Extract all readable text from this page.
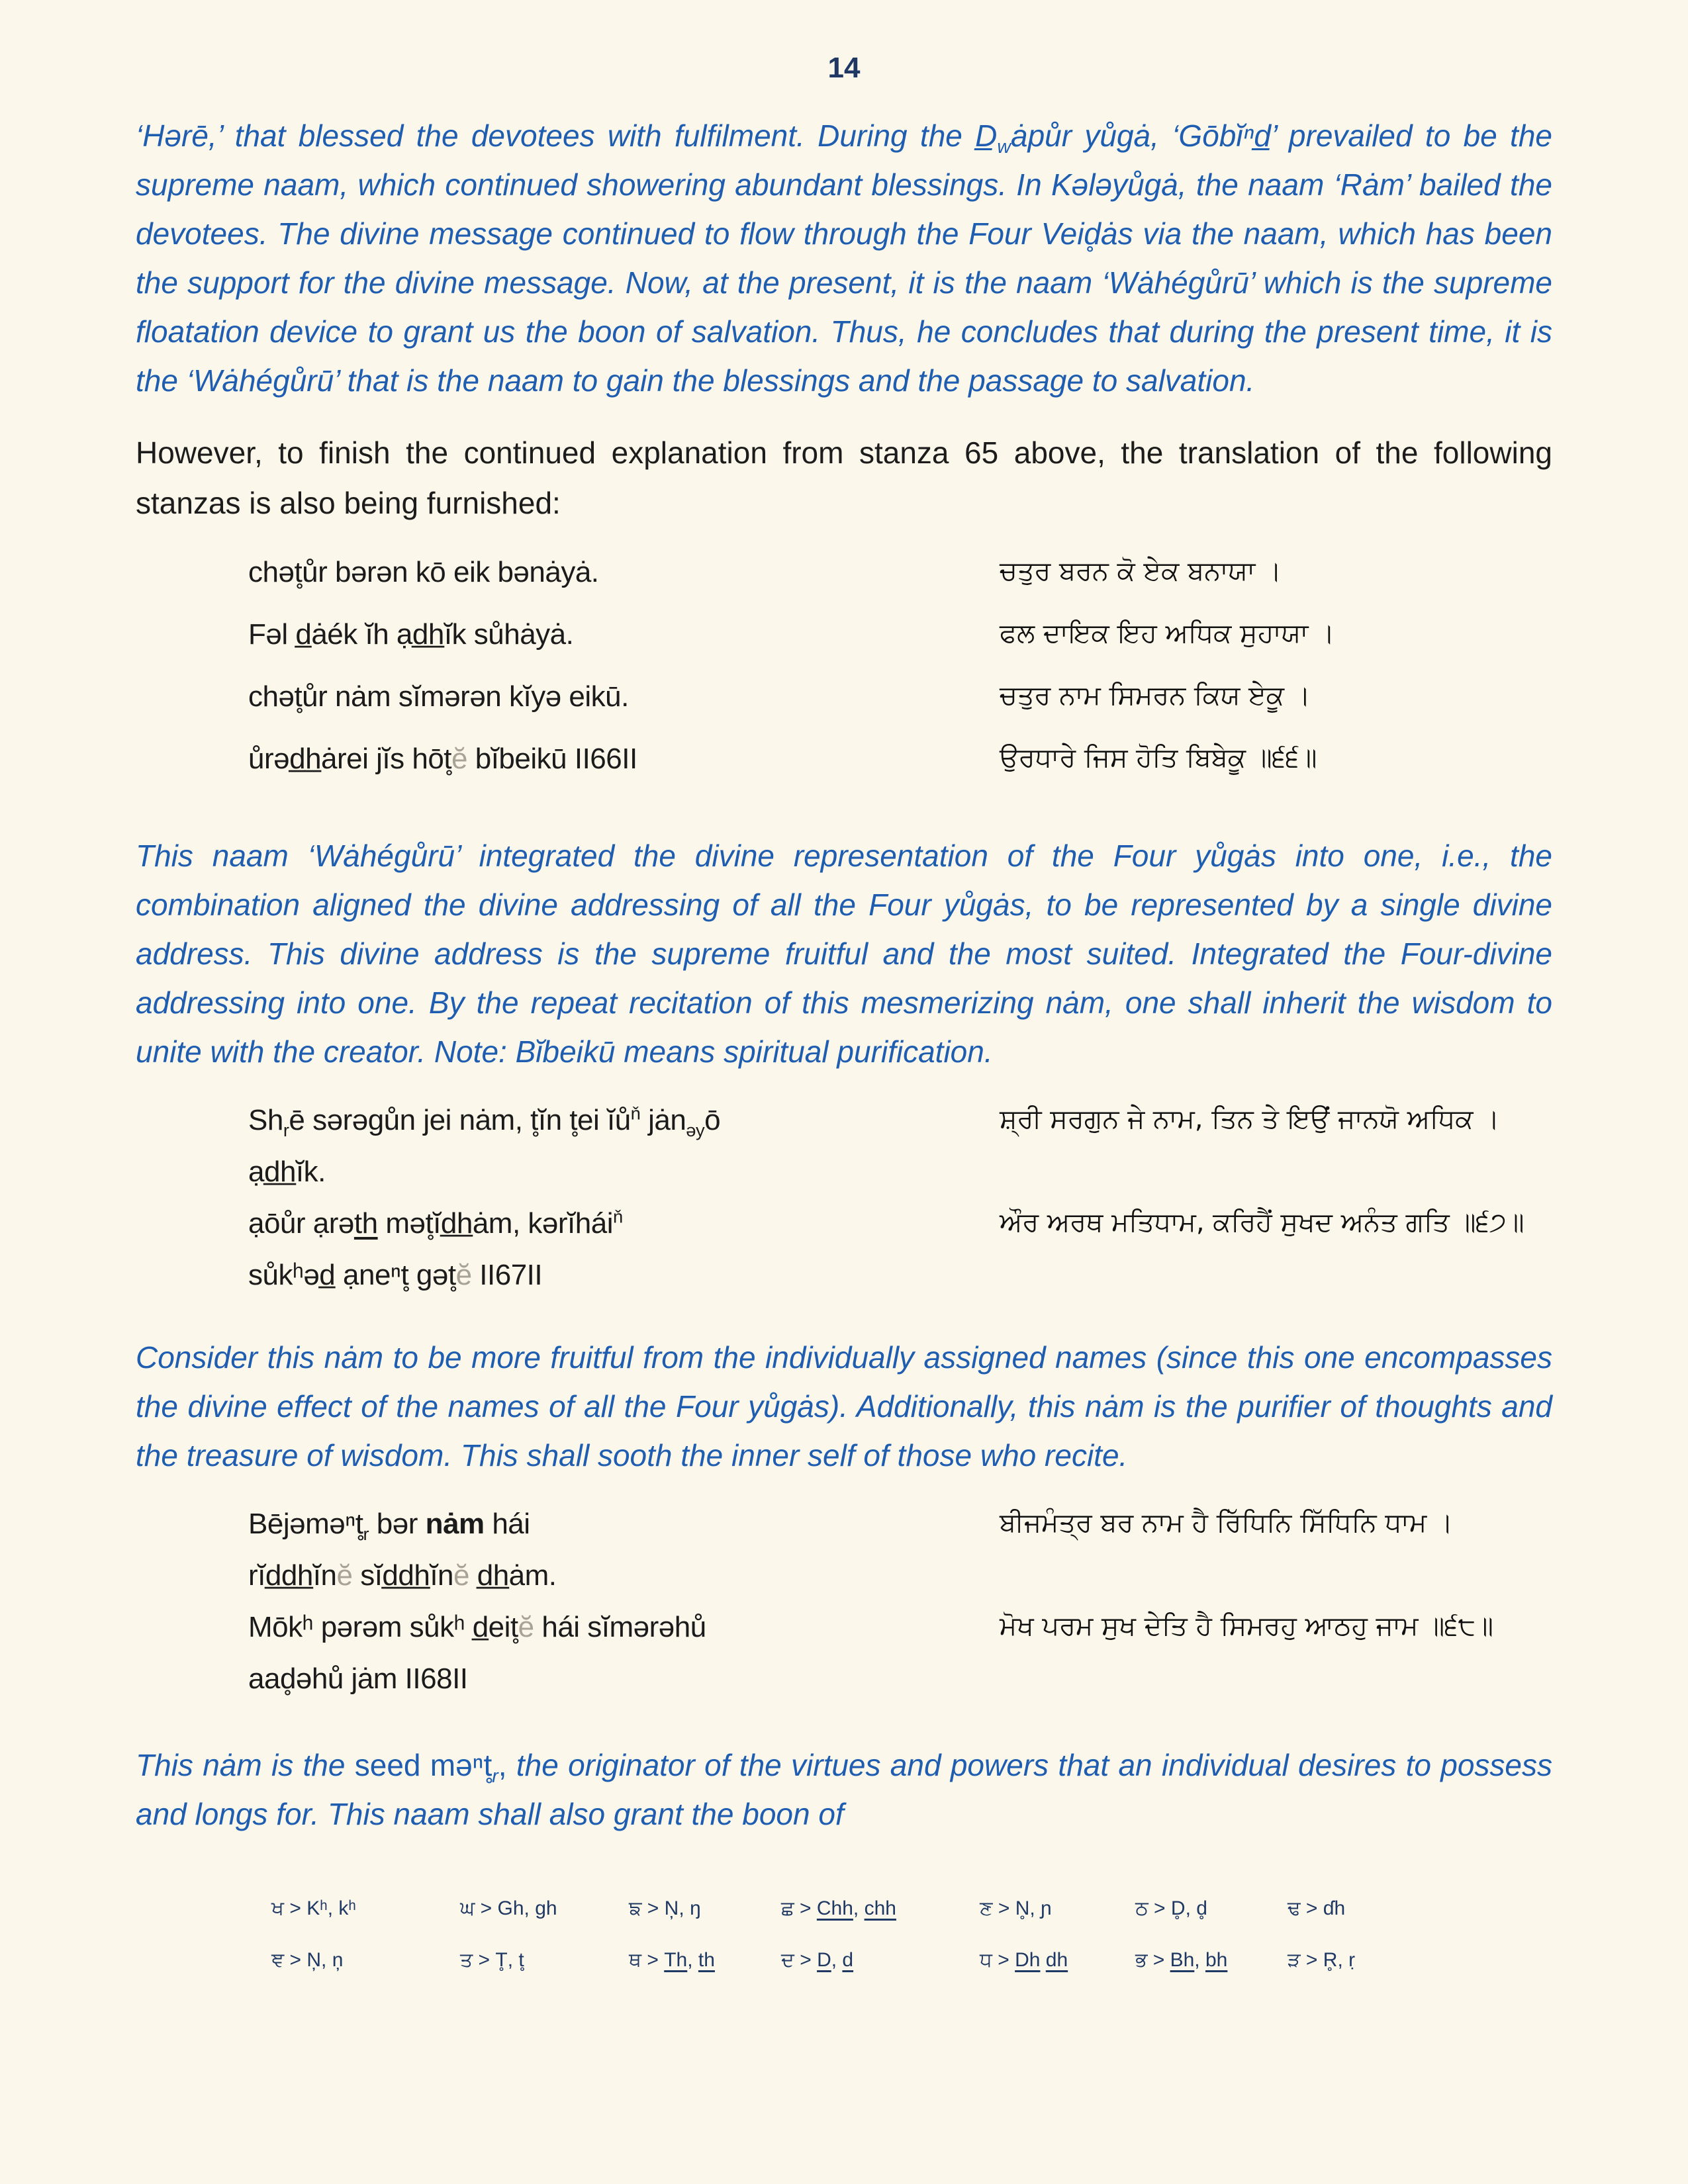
14

‘Hərē,’ that blessed the devotees with fulfilment. During the $D̲_wȧpůr$ yůgȧ, ‘Gōbĭⁿd̲’ prevailed to be the supreme naam, which continued showering abundant blessings. In Kələyůgȧ, the naam ‘Rȧm’ bailed the devotees. The divine message continued to flow through the Four Veid̥ȧs via the naam, which has been the support for the divine message. Now, at the present, it is the naam ‘Wȧhégůrū’ which is the supreme floatation device to grant us the boon of salvation. Thus, he concludes that during the present time, it is the ‘Wȧhégůrū’ that is the naam to gain the blessings and the passage to salvation.

However, to finish the continued explanation from stanza 65 above, the translation of the following stanzas is also being furnished:

chət̥ůr bərən kō eik bənȧyȧ.	ਚਤੁਰ ਬਰਨ ਕੋ ਏਕ ਬਨਾਯਾ ।
Fəl d̲ȧék ĭh ạd̲h̲ĭk sůhȧyȧ.	ਫਲ ਦਾਇਕ ਇਹ ਅਧਿਕ ਸੁਹਾਯਾ ।
chət̥ůr nȧm sĭmərən kĭyə eikū.	ਚਤੁਰ ਨਾਮ ਸਿਮਰਨ ਕਿਯ ਏਕੂ ।
ůrəd̲h̲ȧrei jĭs hōt̥ĕ bĭbeikū II66II	ਉਰਧਾਰੇ ਜਿਸ ਹੋਤਿ ਬਿਬੇਕੂ ॥੬੬॥

This naam ‘Wȧhégůrū’ integrated the divine representation of the Four yůgȧs into one, i.e., the combination aligned the divine addressing of all the Four yůgȧs, to be represented by a single divine address. This divine address is the supreme fruitful and the most suited. Integrated the Four-divine addressing into one. By the repeat recitation of this mesmerizing nȧm, one shall inherit the wisdom to unite with the creator. Note: Bĭbeikū means spiritual purification.

$Sh_rē$ sərəgůn jei nȧm, t̥ĭn t̥ei $ĭů^ň$ jȧn$_{əy}$ō	ਸ਼੍ਰੀ ਸਰਗੁਨ ਜੇ ਨਾਮ, ਤਿਨ ਤੇ ਇਉਂ ਜਾਨਯੋ ਅਧਿਕ ।
ạd̲h̲ĭk.
ạōůr ạrəth mət̥ĭd̲h̲ȧm, kərĭhái$^ň$	ਔਰ ਅਰਥ ਮਤਿਧਾਮ, ਕਰਿਹੈਂ ਸੁਖਦ ਅਨੰਤ ਗਤਿ ॥੬੭॥
sůkʰəd̲ ạneⁿt̥ gət̥ĕ II67II

Consider this nȧm to be more fruitful from the individually assigned names (since this one encompasses the divine effect of the names of all the Four yůgȧs). Additionally, this nȧm is the purifier of thoughts and the treasure of wisdom. This shall sooth the inner self of those who recite.

$Bējəmə^nt̥_r$ bər nȧm hái	ਬੀਜਮੰਤ੍ਰ ਬਰ ਨਾਮ ਹੈ ਰਿੱਧਿਨਿ ਸਿੱਧਿਨਿ ਧਾਮ ।
rĭd̲d̲h̲ĭnĕ sĭd̲d̲h̲ĭnĕ d̲h̲ȧm.
Mōkʰ pərəm sůkʰ d̲eit̥ĕ hái sĭmərəhů	ਮੋਖ ਪਰਮ ਸੁਖ ਦੇਤਿ ਹੈ ਸਿਮਰਹੁ ਆਠਹੁ ਜਾਮ ॥੬੮॥
aad̥əhů jȧm II68II

This nȧm is the seed $mə^nt̥_r$, the originator of the virtues and powers that an individual desires to possess and longs for. This naam shall also grant the boon of

ਖ > Kʰ, kʰ	ਘ > Gh, gh	ਙ > N̦, ŋ	ਛ > Chh, chh	ਣ > N̥, ɲ	ਠ > D̥, d̥	ਢ > ɗh
ਞ > N̦, n̦	ਤ > T̥, t̥	ਥ > Th, th	ਦ > D, d	ਧ > Dh dh	ਭ > Bh, bh	ੜ > R̥, ṛ
